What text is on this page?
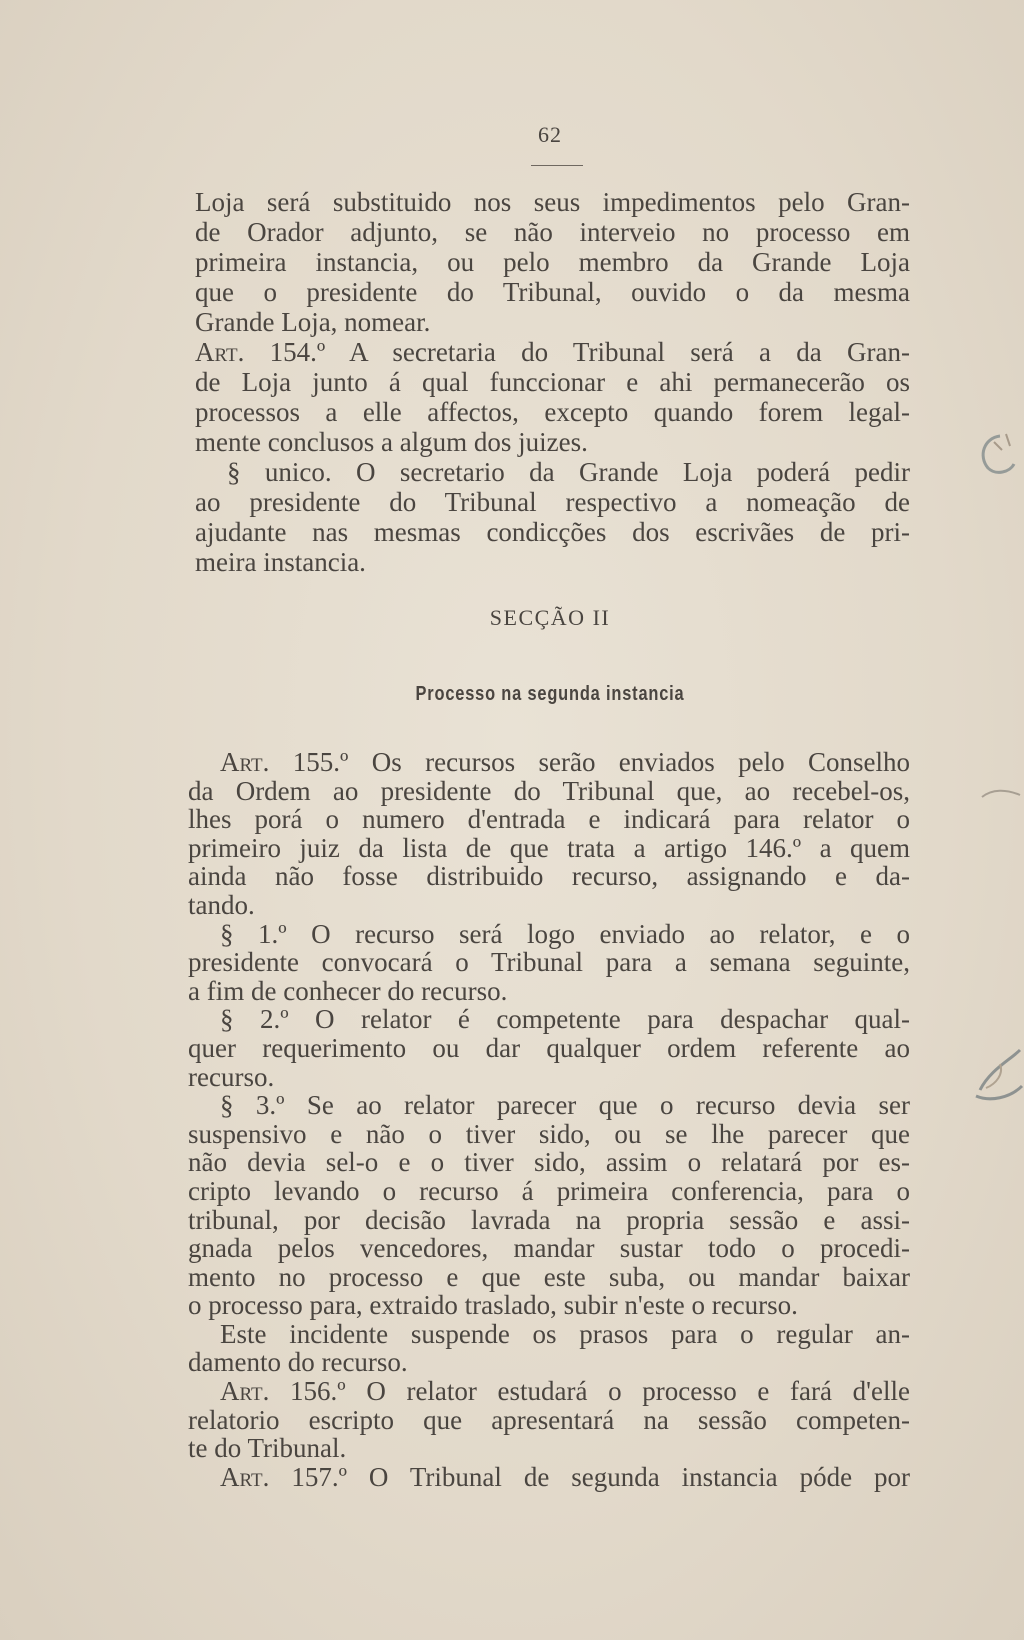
62
Loja será substituido nos seus impedimentos pelo Gran-
de Orador adjunto, se não interveio no processo em
primeira instancia, ou pelo membro da Grande Loja
que o presidente do Tribunal, ouvido o da mesma
Grande Loja, nomear.
Art. 154.º A secretaria do Tribunal será a da Gran-
de Loja junto á qual funccionar e ahi permanecerão os
processos a elle affectos, excepto quando forem legal-
mente conclusos a algum dos juizes.
§ unico. O secretario da Grande Loja poderá pedir
ao presidente do Tribunal respectivo a nomeação de
ajudante nas mesmas condicções dos escrivães de pri-
meira instancia.
SECÇÃO II
Processo na segunda instancia
Art. 155.º Os recursos serão enviados pelo Conselho
da Ordem ao presidente do Tribunal que, ao recebel-os,
lhes porá o numero d'entrada e indicará para relator o
primeiro juiz da lista de que trata a artigo 146.º a quem
ainda não fosse distribuido recurso, assignando e da-
tando.
§ 1.º O recurso será logo enviado ao relator, e o
presidente convocará o Tribunal para a semana seguinte,
a fim de conhecer do recurso.
§ 2.º O relator é competente para despachar qual-
quer requerimento ou dar qualquer ordem referente ao
recurso.
§ 3.º Se ao relator parecer que o recurso devia ser
suspensivo e não o tiver sido, ou se lhe parecer que
não devia sel-o e o tiver sido, assim o relatará por es-
cripto levando o recurso á primeira conferencia, para o
tribunal, por decisão lavrada na propria sessão e assi-
gnada pelos vencedores, mandar sustar todo o procedi-
mento no processo e que este suba, ou mandar baixar
o processo para, extraido traslado, subir n'este o recurso.
Este incidente suspende os prasos para o regular an-
damento do recurso.
Art. 156.º O relator estudará o processo e fará d'elle
relatorio escripto que apresentará na sessão competen-
te do Tribunal.
Art. 157.º O Tribunal de segunda instancia póde por
